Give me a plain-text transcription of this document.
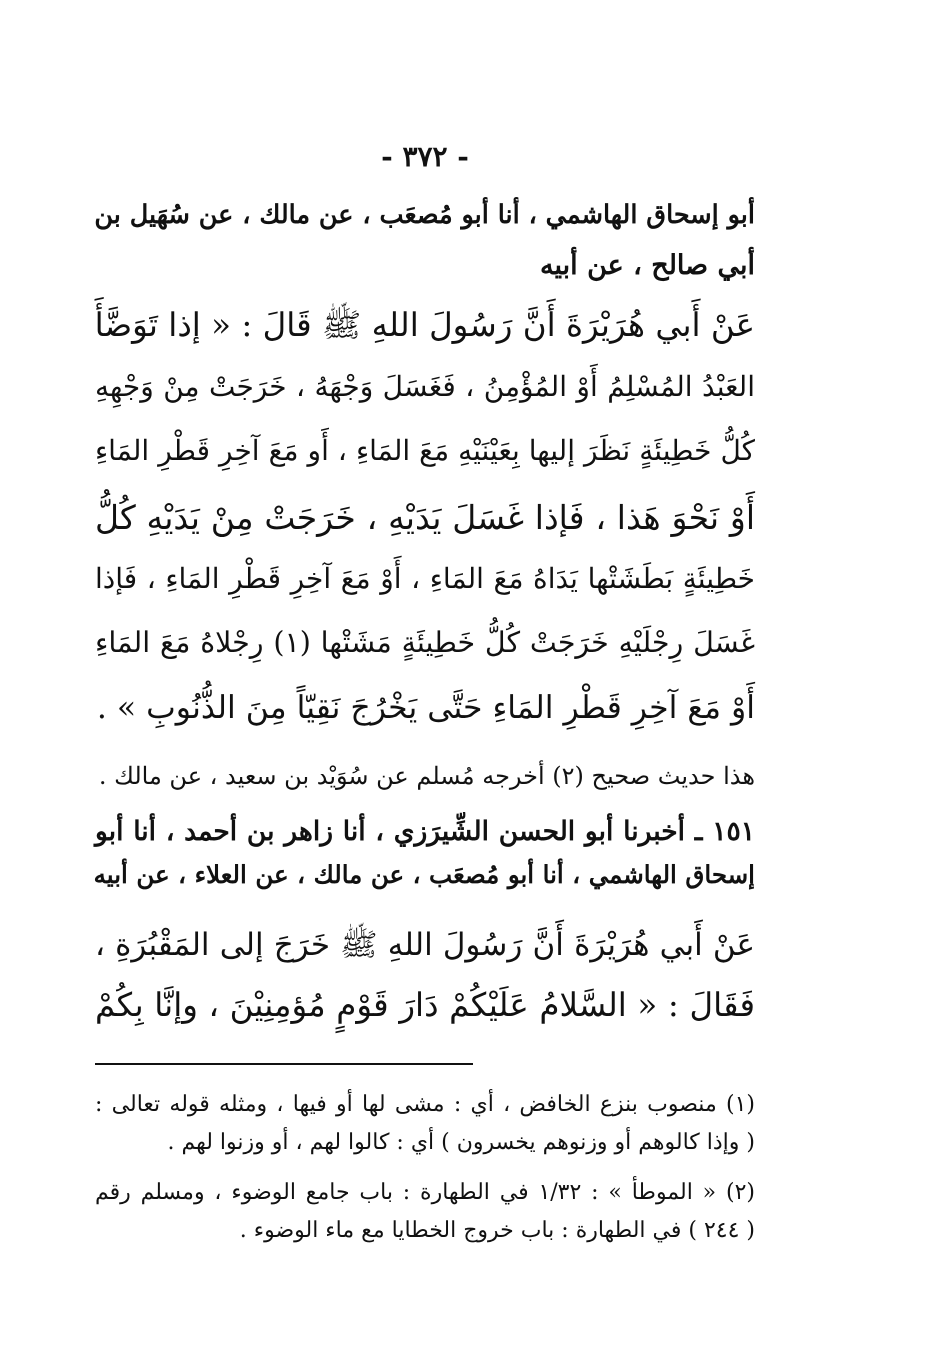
- ٣٧٢ -
أبو إسحاق الهاشمي ، أنا أبو مُصعَب ، عن مالك ، عن سُهَيل بن
أبي صالح ، عن أبيه
عَنْ أَبي هُرَيْرَةَ أَنَّ رَسُولَ اللهِ ﷺ قَالَ : « إذا تَوَضَّأَ
العَبْدُ المُسْلِمُ أَوْ المُؤْمِنُ ، فَغَسَلَ وَجْهَهُ ، خَرَجَتْ مِنْ وَجْهِهِ
كُلُّ خَطِيئَةٍ نَظَرَ إليها بِعَيْنَيْهِ مَعَ المَاءِ ، أَو مَعَ آخِرِ قَطْرِ المَاءِ
أَوْ نَحْوَ هَذا ، فَإذا غَسَلَ يَدَيْهِ ، خَرَجَتْ مِنْ يَدَيْهِ كُلُّ
خَطِيئَةٍ بَطَشَتْها يَدَاهُ مَعَ المَاءِ ، أَوْ مَعَ آخِرِ قَطْرِ المَاءِ ، فَإذا
غَسَلَ رِجْلَيْهِ خَرَجَتْ كُلُّ خَطِيئَةٍ مَشَتْها (١) رِجْلاهُ مَعَ المَاءِ
أَوْ مَعَ آخِرِ قَطْرِ المَاءِ حَتَّى يَخْرُجَ نَقِيّاً مِنَ الذُّنُوبِ » .
هذا حديث صحيح (٢) أخرجه مُسلم عن سُوَيْد بن سعيد ، عن مالك .
١٥١ ـ أخبرنا أبو الحسن الشِّيرَزي ، أنا زاهر بن أحمد ، أنا أبو
إسحاق الهاشمي ، أنا أبو مُصعَب ، عن مالك ، عن العلاء ، عن أبيه
عَنْ أَبي هُرَيْرَةَ أَنَّ رَسُولَ اللهِ ﷺ خَرَجَ إلى المَقْبُرَةِ ،
فَقَالَ : « السَّلامُ عَلَيْكُمْ دَارَ قَوْمٍ مُؤمِنِيْنَ ، وإنَّا بِكُمْ
(١) منصوب بنزع الخافض ، أي : مشى لها أو فيها ، ومثله قوله تعالى :
( وإذا كالوهم أو وزنوهم يخسرون ) أي : كالوا لهم ، أو وزنوا لهم .
(٢) « الموطأ » : ١/٣٢ في الطهارة : باب جامع الوضوء ، ومسلم رقم
( ٢٤٤ ) في الطهارة : باب خروج الخطايا مع ماء الوضوء .
